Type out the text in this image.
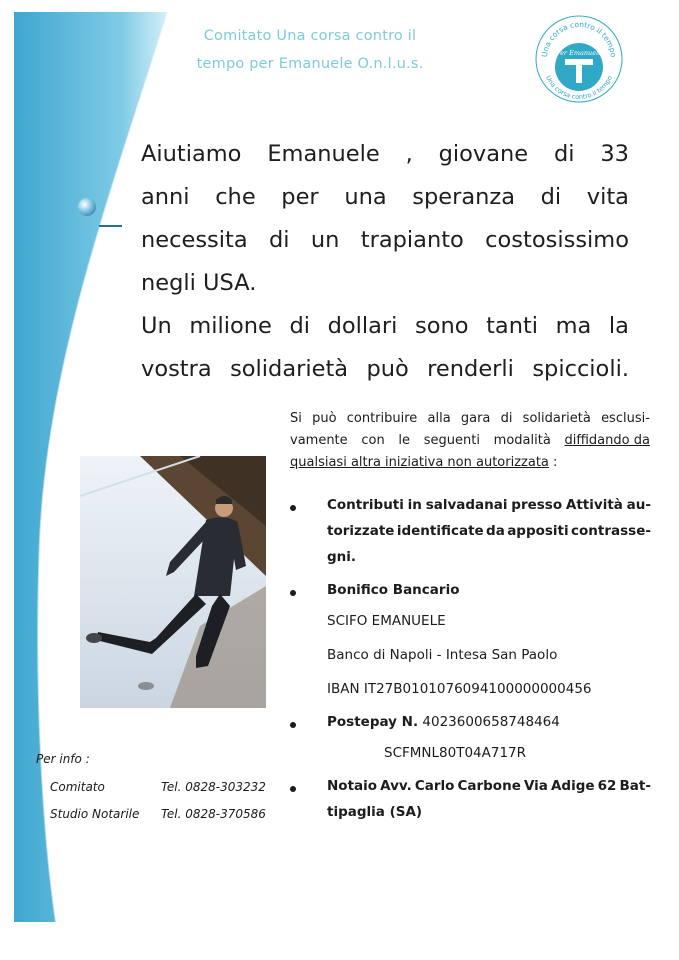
Comitato Una corsa contro il
tempo per Emanuele O.n.l.u.s.
Una corsa contro il tempo
Per Emanuele
Una corsa contro il tempo
Aiutiamo Emanuele , giovane di 33
anni che per una speranza di vita
necessita di un trapianto costosissimo
negli USA.
Un milione di dollari sono tanti ma la
vostra solidarietà può renderli spiccioli.
Si può contribuire alla gara di solidarietà esclusi-
vamente con le seguenti modalità diffidando da
qualsiasi altra iniziativa non autorizzata :
Contributi in salvadanai presso Attività au-
torizzate identificate da appositi contrasse-
gni.
Bonifico Bancario
SCIFO EMANUELE
Banco di Napoli - Intesa San Paolo
IBAN IT27B0101076094100000000456
Postepay N. 4023600658748464
SCFMNL80T04A717R
Notaio Avv. Carlo Carbone Via Adige 62 Bat-
tipaglia (SA)
Per info :
Comitato	Tel. 0828-303232
Studio Notarile Tel. 0828-370586
